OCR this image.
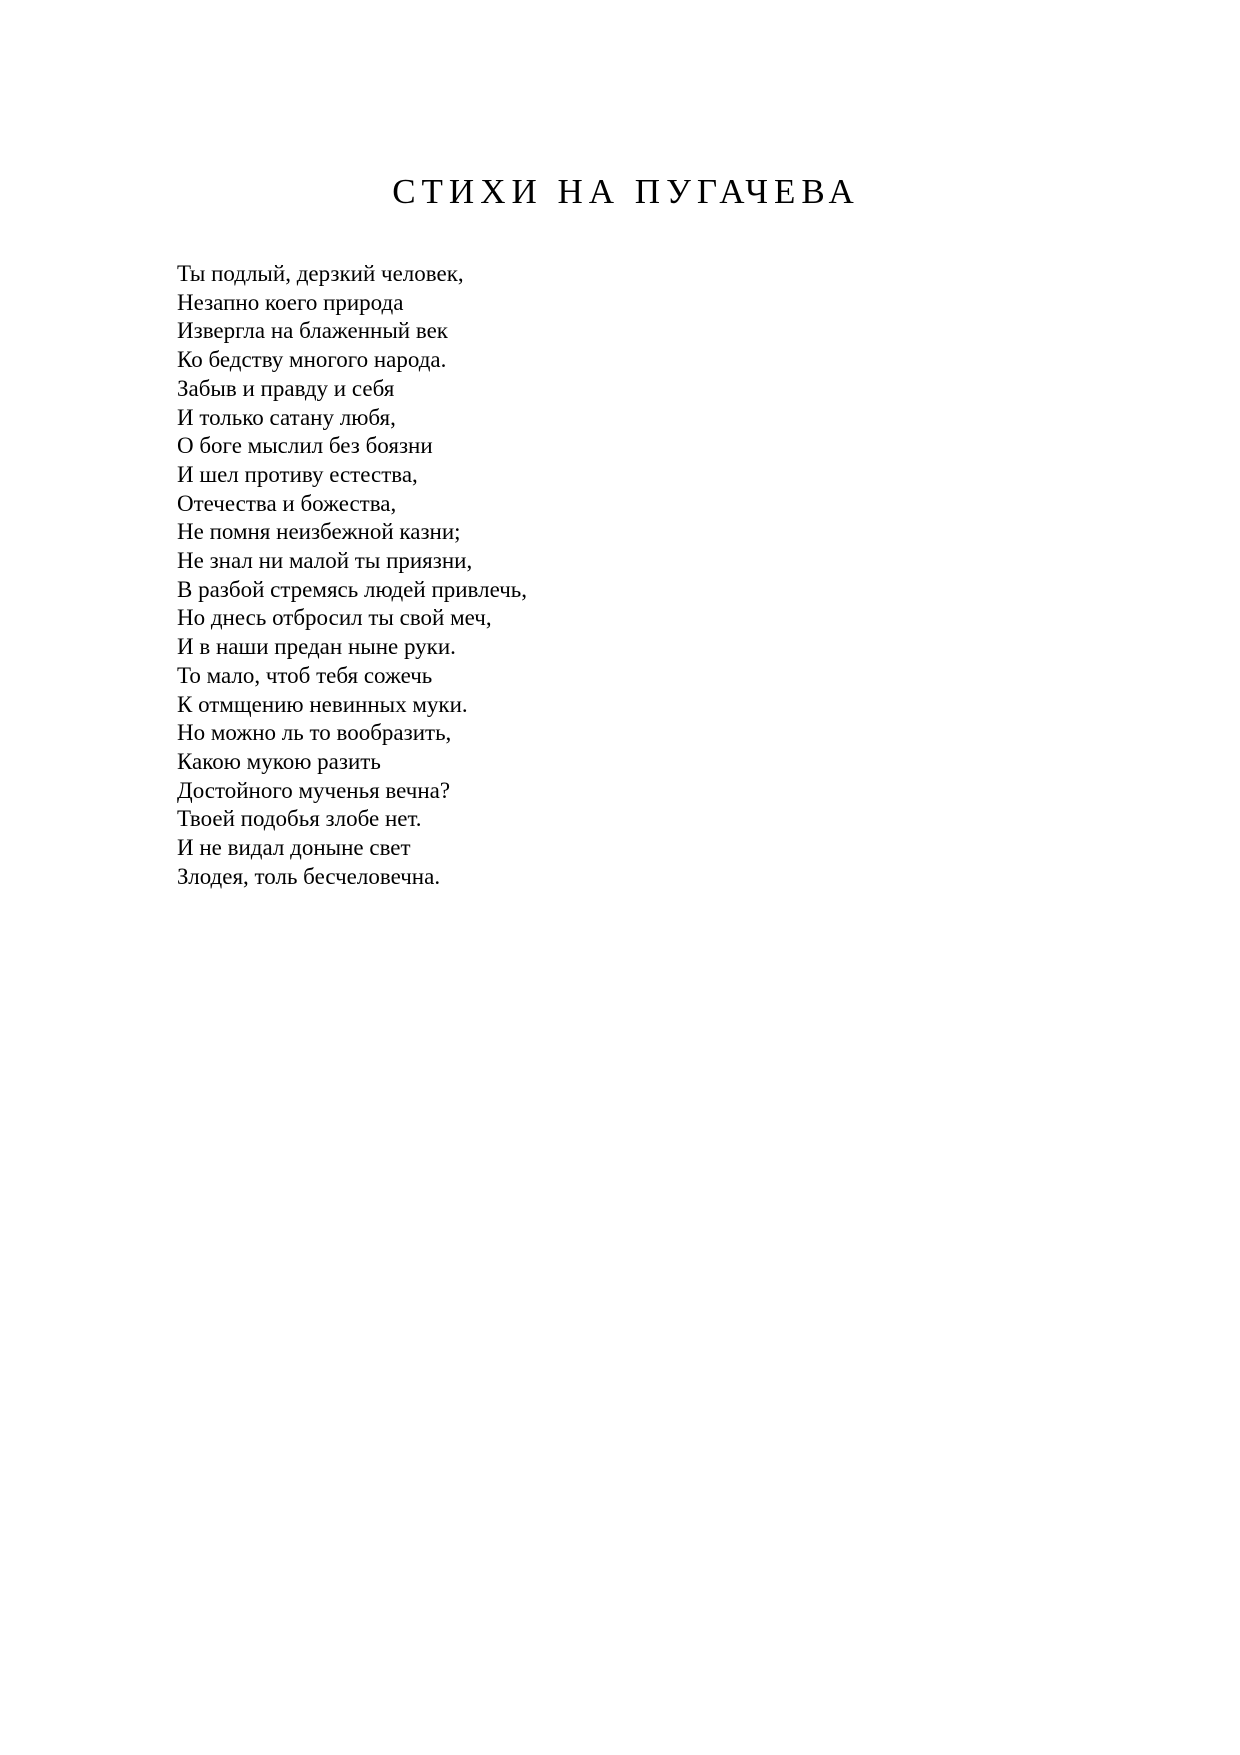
СТИХИ НА ПУГАЧЕВА
Ты подлый, дерзкий человек,
Незапно коего природа
Извергла на блаженный век
Ко бедству многого народа.
Забыв и правду и себя
И только сатану любя,
О боге мыслил без боязни
И шел противу естества,
Отечества и божества,
Не помня неизбежной казни;
Не знал ни малой ты приязни,
В разбой стремясь людей привлечь,
Но днесь отбросил ты свой меч,
И в наши предан ныне руки.
То мало, чтоб тебя сожечь
К отмщению невинных муки.
Но можно ль то вообразить,
Какою мукою разить
Достойного мученья вечна?
Твоей подобья злобе нет.
И не видал доныне свет
Злодея, толь бесчеловечна.
